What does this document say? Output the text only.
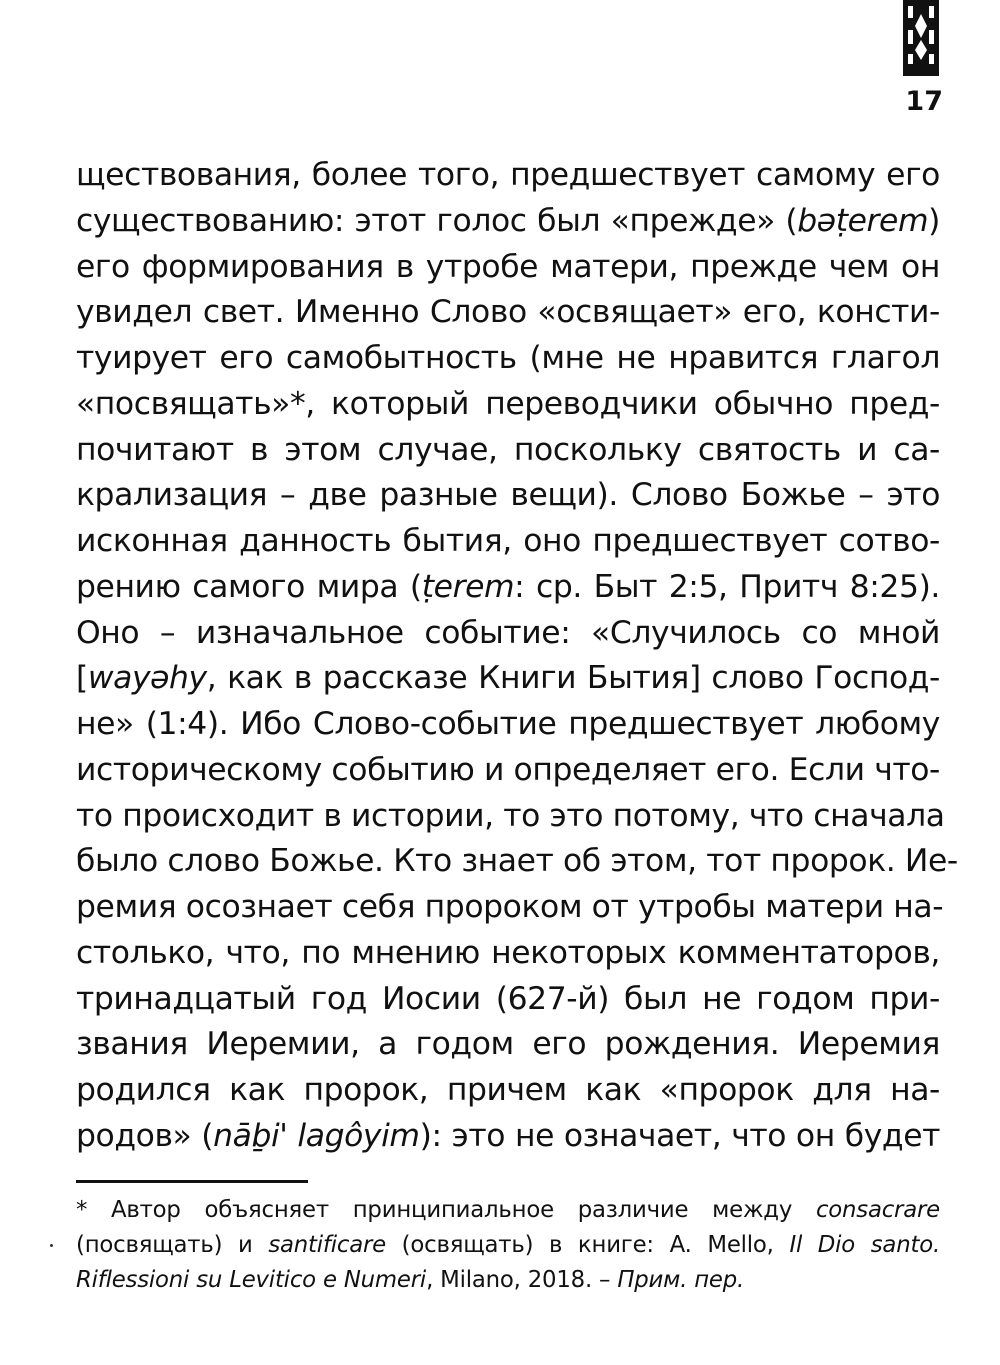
17
ществования, более того, предшествует самому его
существованию: этот голос был «прежде» (bəṭerem)
его формирования в утробе матери, прежде чем он
увидел свет. Именно Слово «освящает» его, консти-
туирует его самобытность (мне не нравится глагол
«посвящать»*, который переводчики обычно пред-
почитают в этом случае, поскольку святость и са-
крализация – две разные вещи). Слово Божье – это
исконная данность бытия, оно предшествует сотво-
рению самого мира (ṭerem: ср. Быт 2:5, Притч 8:25).
Оно – изначальное событие: «Случилось со мной
[wayəhy, как в рассказе Книги Бытия] слово Господ-
не» (1:4). Ибо Слово-событие предшествует любому
историческому событию и определяет его. Если что-
то происходит в истории, то это потому, что сначала
было слово Божье. Кто знает об этом, тот пророк. Ие-
ремия осознает себя пророком от утробы матери на-
столько, что, по мнению некоторых комментаторов,
тринадцатый год Иосии (627-й) был не годом при-
звания Иеремии, а годом его рождения. Иеремия
родился как пророк, причем как «пророк для на-
родов» (nāḇi' lagôyim): это не означает, что он будет
* Автор объясняет принципиальное различие между consacrare
(посвящать) и santificare (освящать) в книге: A. Mello, Il Dio santo.
Riflessioni su Levitico e Numeri, Milano, 2018. – Прим. пер.
